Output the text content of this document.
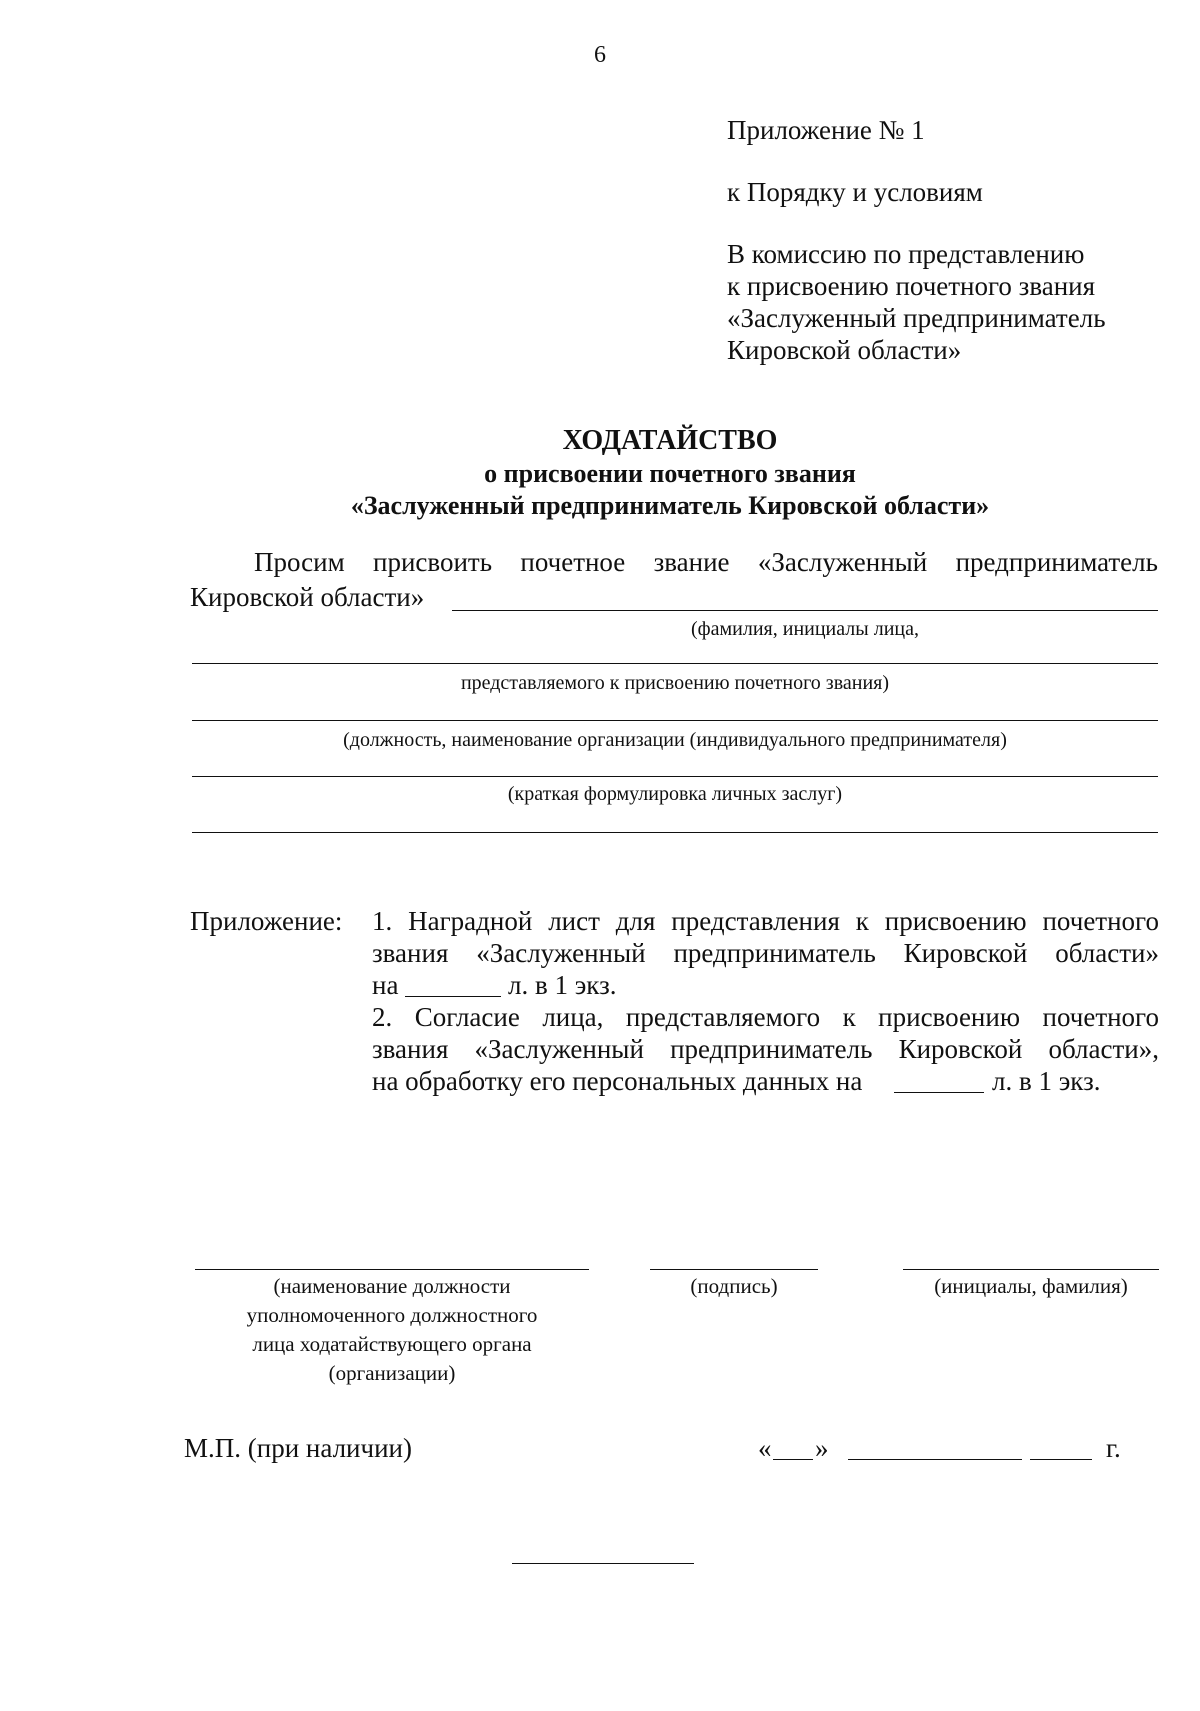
6
Приложение № 1
к Порядку и условиям
В комиссию по представлению
к присвоению почетного звания
«Заслуженный предприниматель
Кировской области»
ХОДАТАЙСТВО
о присвоении почетного звания
«Заслуженный предприниматель Кировской области»
Просим присвоить почетное звание «Заслуженный предприниматель
Кировской области»
(фамилия, инициалы лица,
представляемого к присвоению почетного звания)
(должность, наименование организации (индивидуального предпринимателя)
(краткая формулировка личных заслуг)
Приложение: 1. Наградной лист для представления к присвоению почетного
звания «Заслуженный предприниматель Кировской области»
на	л. в 1 экз.
2. Согласие лица, представляемого к присвоению почетного
звания «Заслуженный предприниматель Кировской области»,
на обработку его персональных данных на	л. в 1 экз.
(наименование должности
уполномоченного должностного
лица ходатайствующего органа
(организации)
(подпись)	(инициалы, фамилия)
М.П. (при наличии)	« »	г.
